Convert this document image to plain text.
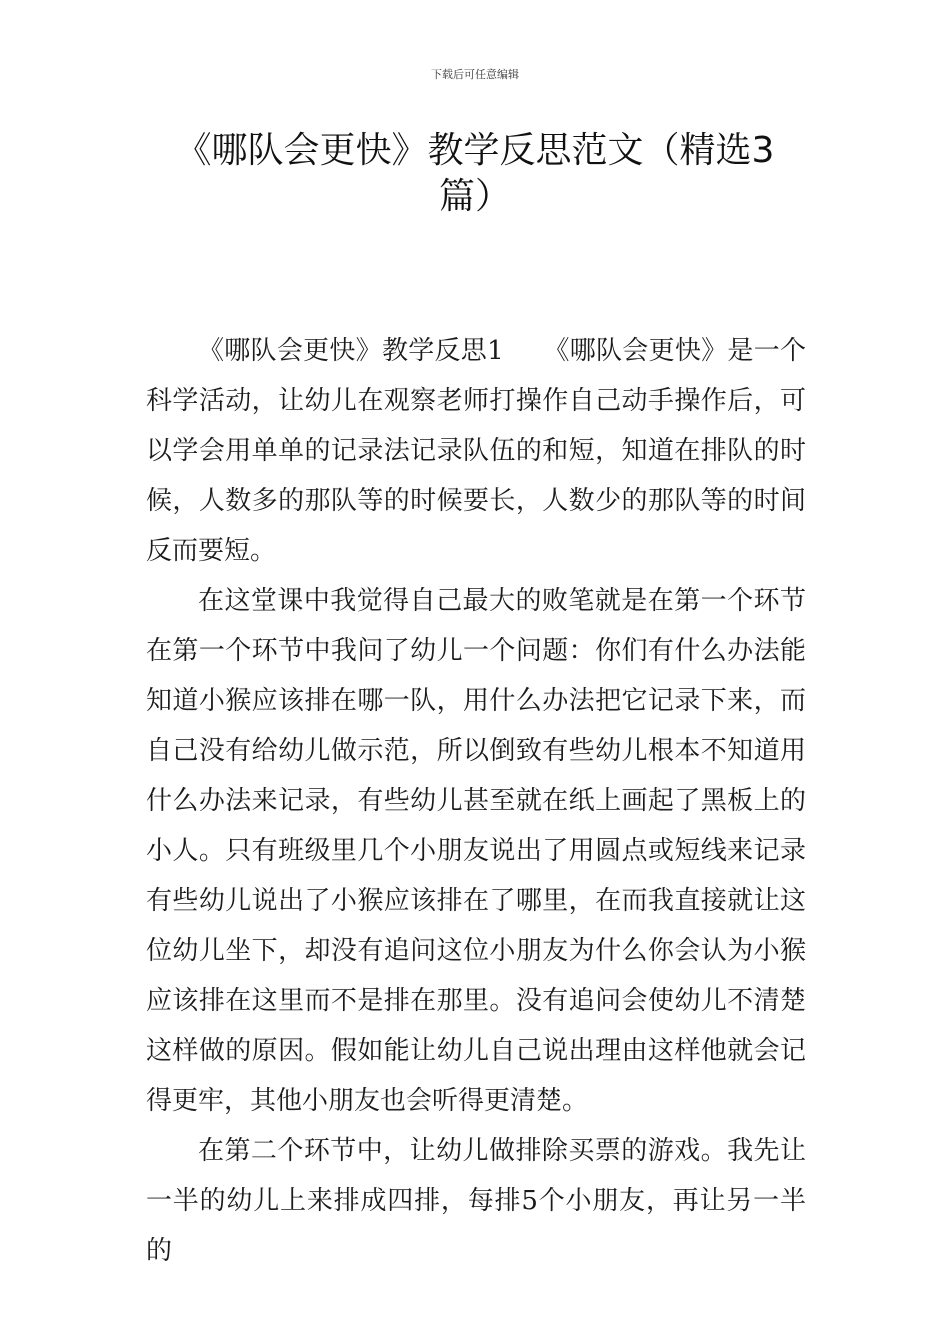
下载后可任意编辑
《哪队会更快》教学反思范文（精选3篇）

《哪队会更快》教学反思1　　《哪队会更快》是一个科学活动，让幼儿在观察老师打操作自己动手操作后，可以学会用单单的记录法记录队伍的和短，知道在排队的时候，人数多的那队等的时候要长，人数少的那队等的时间反而要短。

在这堂课中我觉得自己最大的败笔就是在第一个环节在第一个环节中我问了幼儿一个问题：你们有什么办法能知道小猴应该排在哪一队，用什么办法把它记录下来，而自己没有给幼儿做示范，所以倒致有些幼儿根本不知道用什么办法来记录，有些幼儿甚至就在纸上画起了黑板上的小人。只有班级里几个小朋友说出了用圆点或短线来记录有些幼儿说出了小猴应该排在了哪里，在而我直接就让这位幼儿坐下，却没有追问这位小朋友为什么你会认为小猴应该排在这里而不是排在那里。没有追问会使幼儿不清楚这样做的原因。假如能让幼儿自己说出理由这样他就会记得更牢，其他小朋友也会听得更清楚。

在第二个环节中，让幼儿做排除买票的游戏。我先让一半的幼儿上来排成四排，每排5个小朋友，再让另一半的
